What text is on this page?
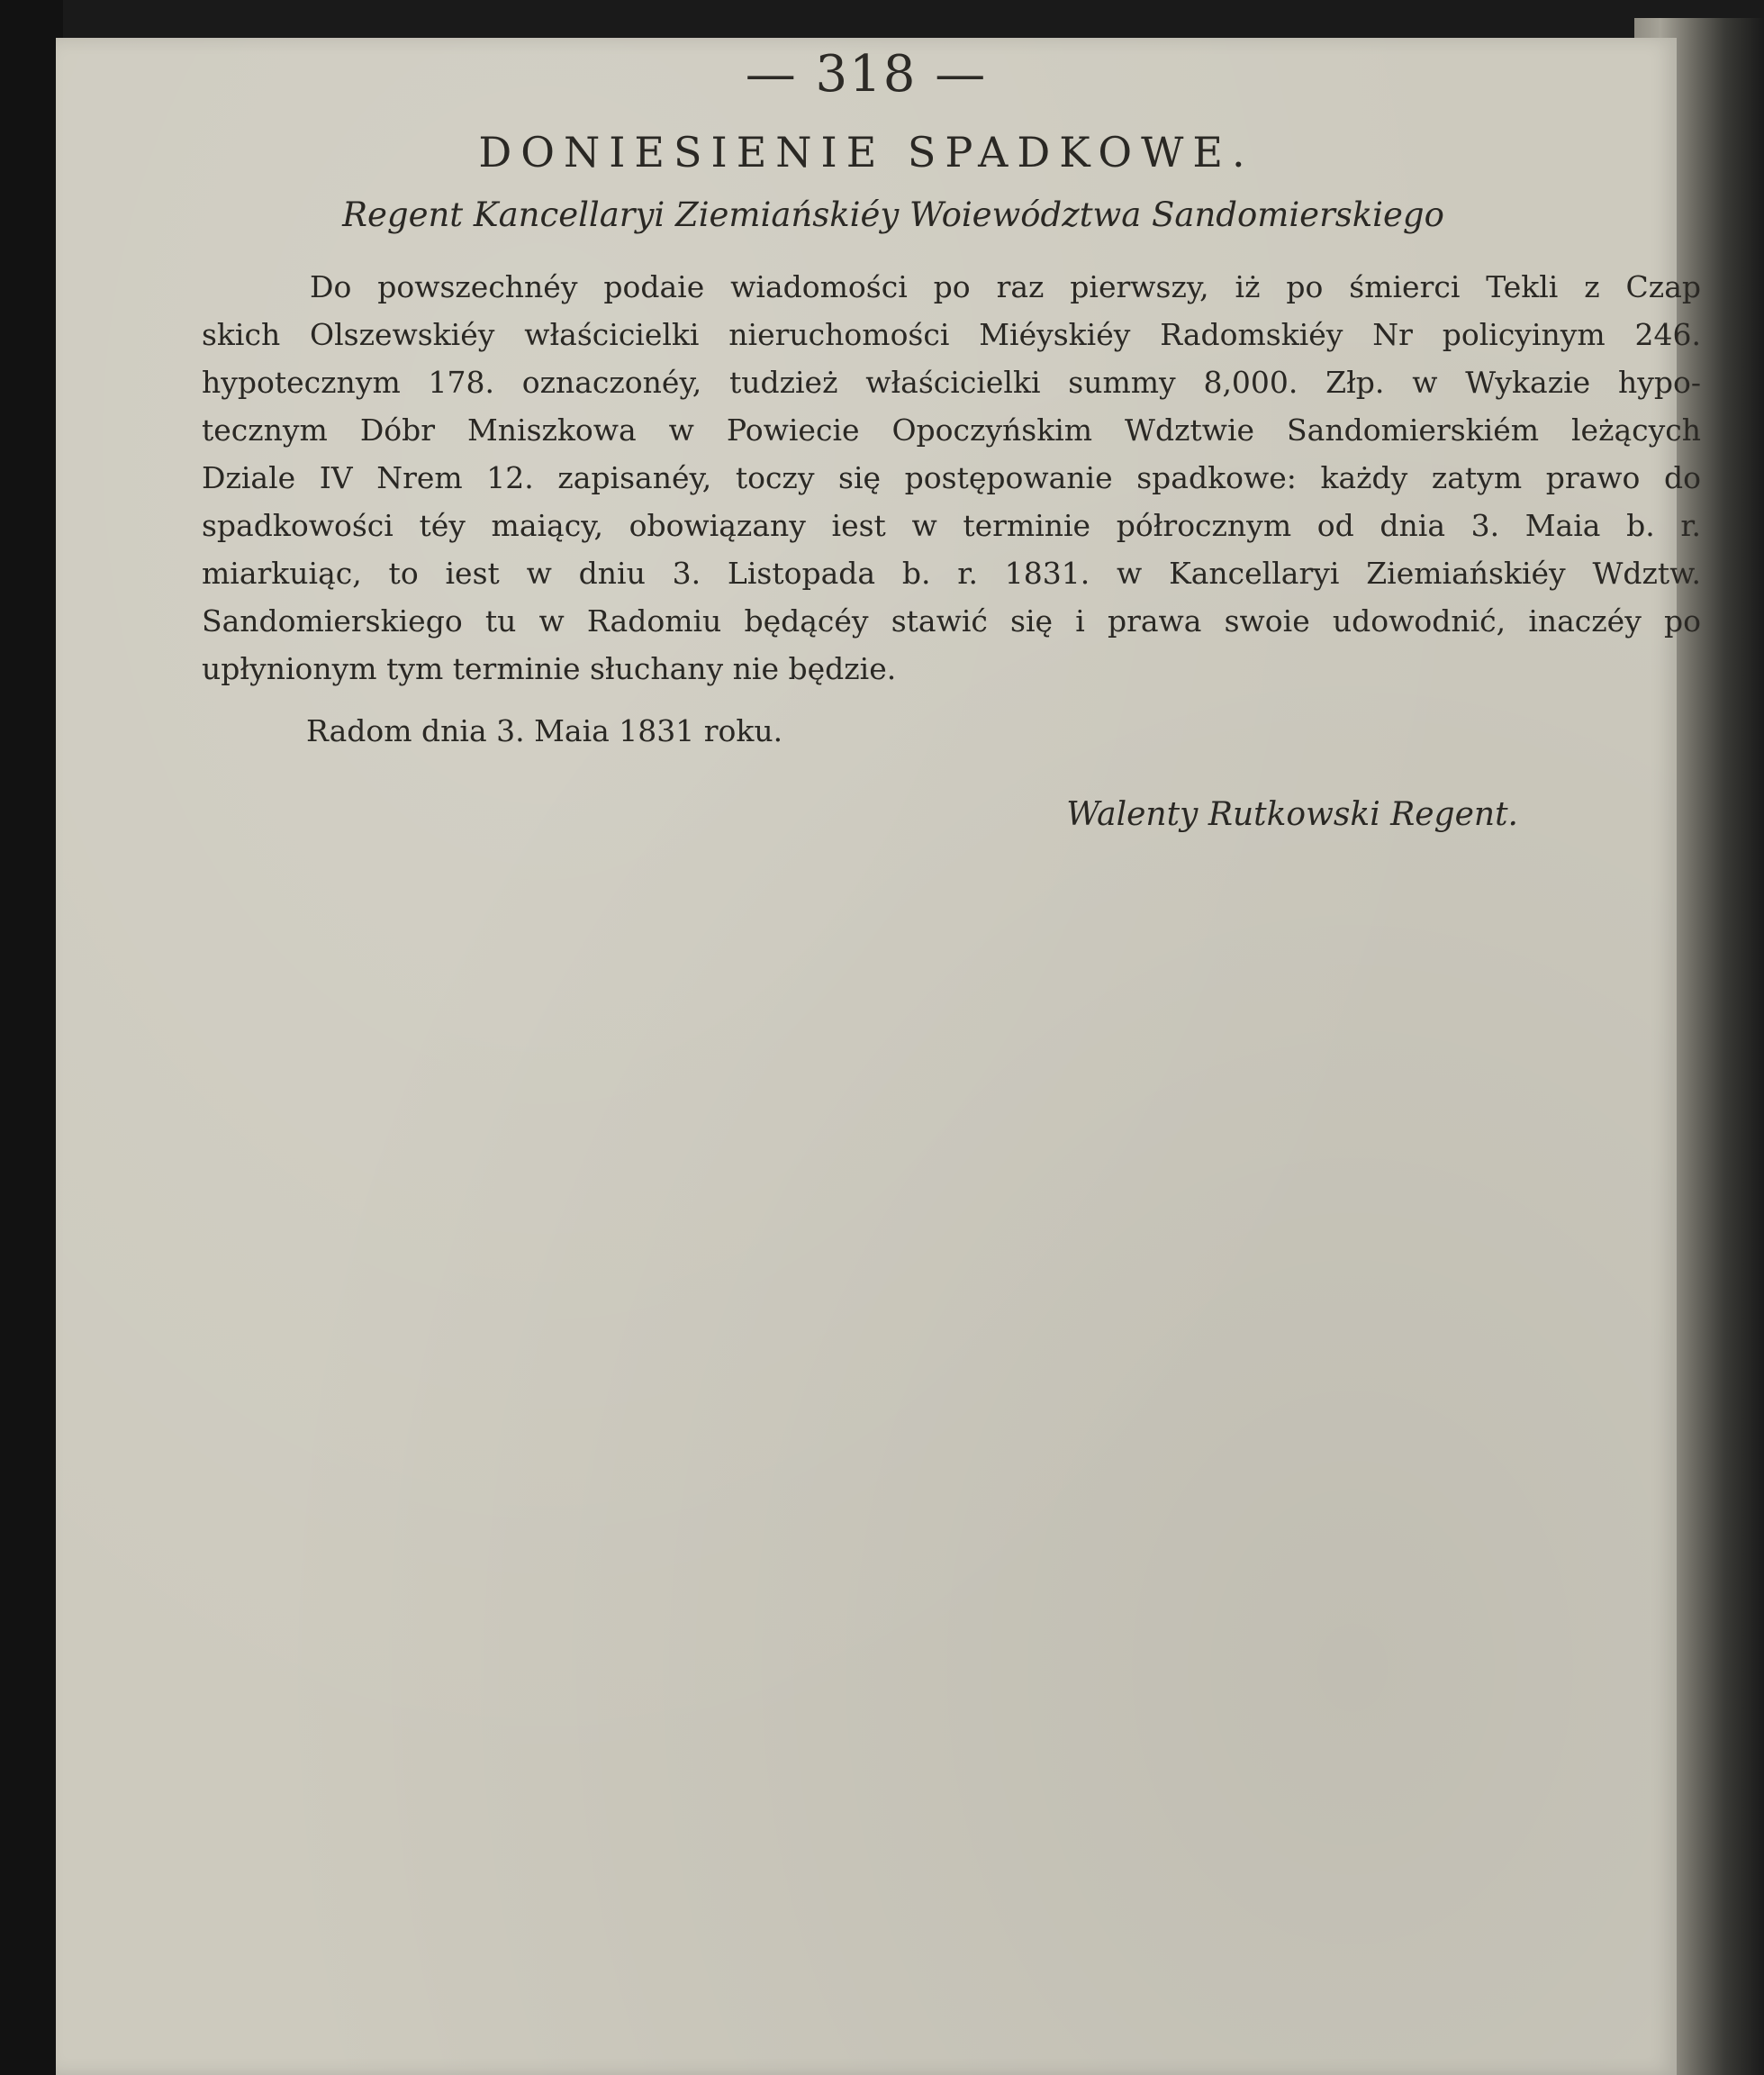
— 318 —
DONIESIENIE SPADKOWE.
Regent Kancellaryi Ziemiańskiéy Woiewództwa Sandomierskiego
Do powszechnéy podaie wiadomości po raz pierwszy, iż po śmierci Tekli z Czap
skich Olszewskiéy właścicielki nieruchomości Miéyskiéy Radomskiéy Nr policyinym 246.
hypotecznym 178. oznaczonéy, tudzież właścicielki summy 8,000. Złp. w Wykazie hypo-
tecznym Dóbr Mniszkowa w Powiecie Opoczyńskim Wdztwie Sandomierskiém leżących
Dziale IV Nrem 12. zapisanéy, toczy się postępowanie spadkowe: każdy zatym prawo do
spadkowości téy maiący, obowiązany iest w terminie półrocznym od dnia 3. Maia b. r.
miarkuiąc, to iest w dniu 3. Listopada b. r. 1831. w Kancellaryi Ziemiańskiéy Wdztw.
Sandomierskiego tu w Radomiu będącéy stawić się i prawa swoie udowodnić, inaczéy po
upłynionym tym terminie słuchany nie będzie.
Radom dnia 3. Maia 1831 roku.
Walenty Rutkowski Regent.
